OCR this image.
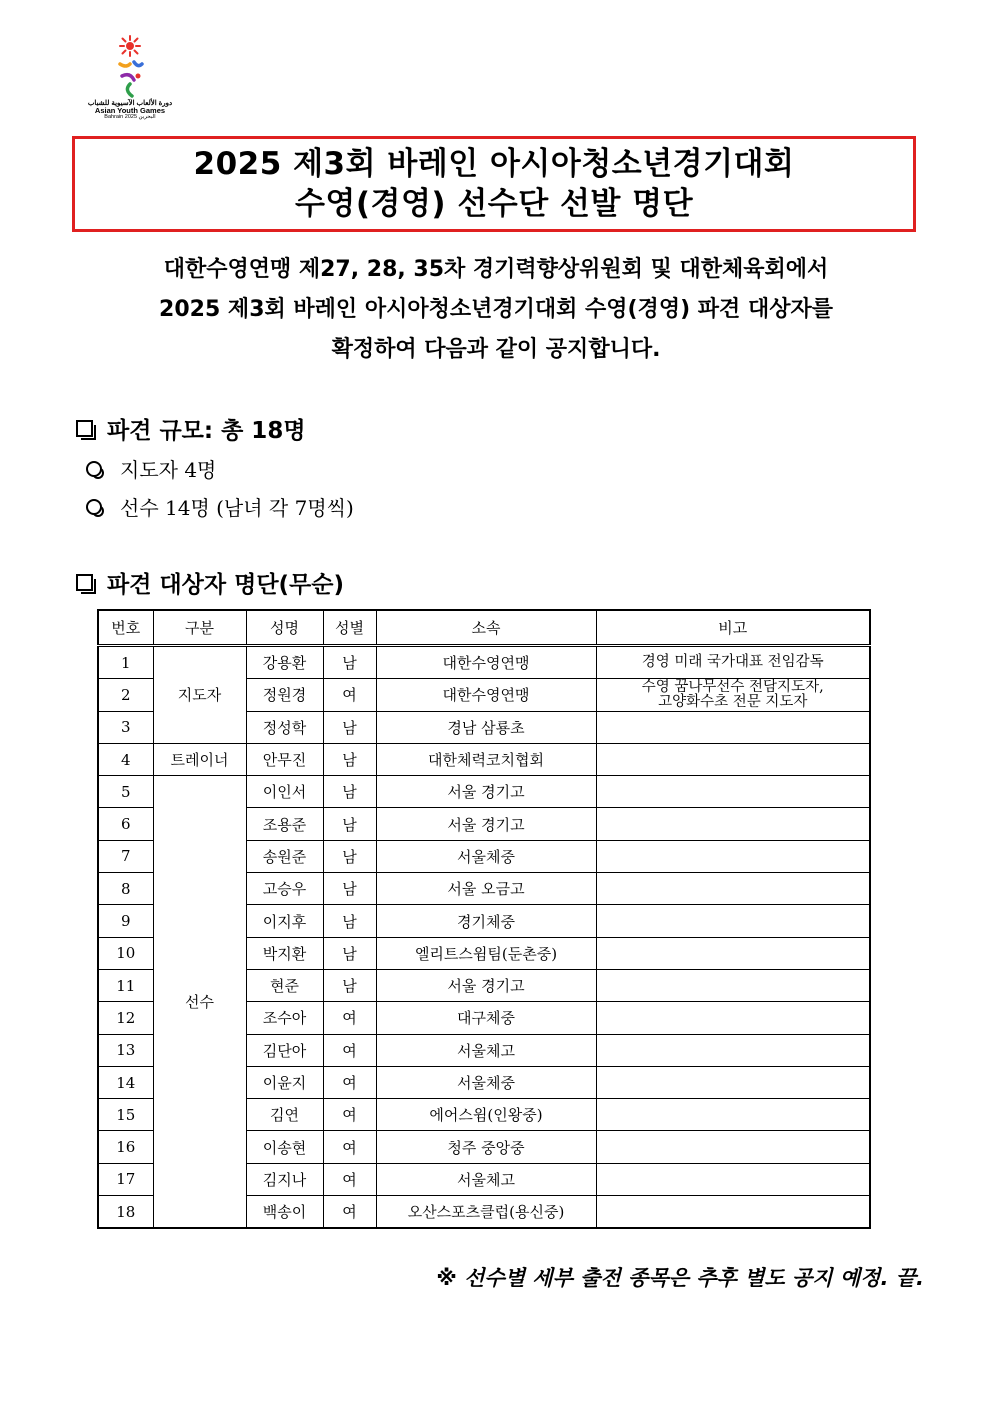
دورة الألعاب الآسيوية للشباب
Asian Youth Games
Bahrain 2025 البحرين
2025 제3회 바레인 아시아청소년경기대회
수영(경영) 선수단 선발 명단
대한수영연맹 제27, 28, 35차 경기력향상위원회 및 대한체육회에서
2025 제3회 바레인 아시아청소년경기대회 수영(경영) 파견 대상자를
확정하여 다음과 같이 공지합니다.
파견 규모: 총 18명
지도자 4명
선수 14명 (남녀 각 7명씩)
파견 대상자 명단(무순)
번호	구분	성명	성별	소속	비고
1	지도자	강용환	남	대한수영연맹	경영 미래 국가대표 전임감독
2		정원경	여	대한수영연맹	수영 꿈나무선수 전담지도자,
고양화수초 전문 지도자
3		정성학	남	경남 삼룡초	
4	트레이너	안무진	남	대한체력코치협회	
5	선수	이인서	남	서울 경기고	
6		조용준	남	서울 경기고	
7		송원준	남	서울체중	
8		고승우	남	서울 오금고	
9		이지후	남	경기체중	
10		박지환	남	엘리트스윔팀(둔촌중)	
11		현준	남	서울 경기고	
12		조수아	여	대구체중	
13		김단아	여	서울체고	
14		이윤지	여	서울체중	
15		김연	여	에어스윔(인왕중)	
16		이송현	여	청주 중앙중	
17		김지나	여	서울체고	
18		백송이	여	오산스포츠클럽(용신중)	
※ 선수별 세부 출전 종목은 추후 별도 공지 예정. 끝.
